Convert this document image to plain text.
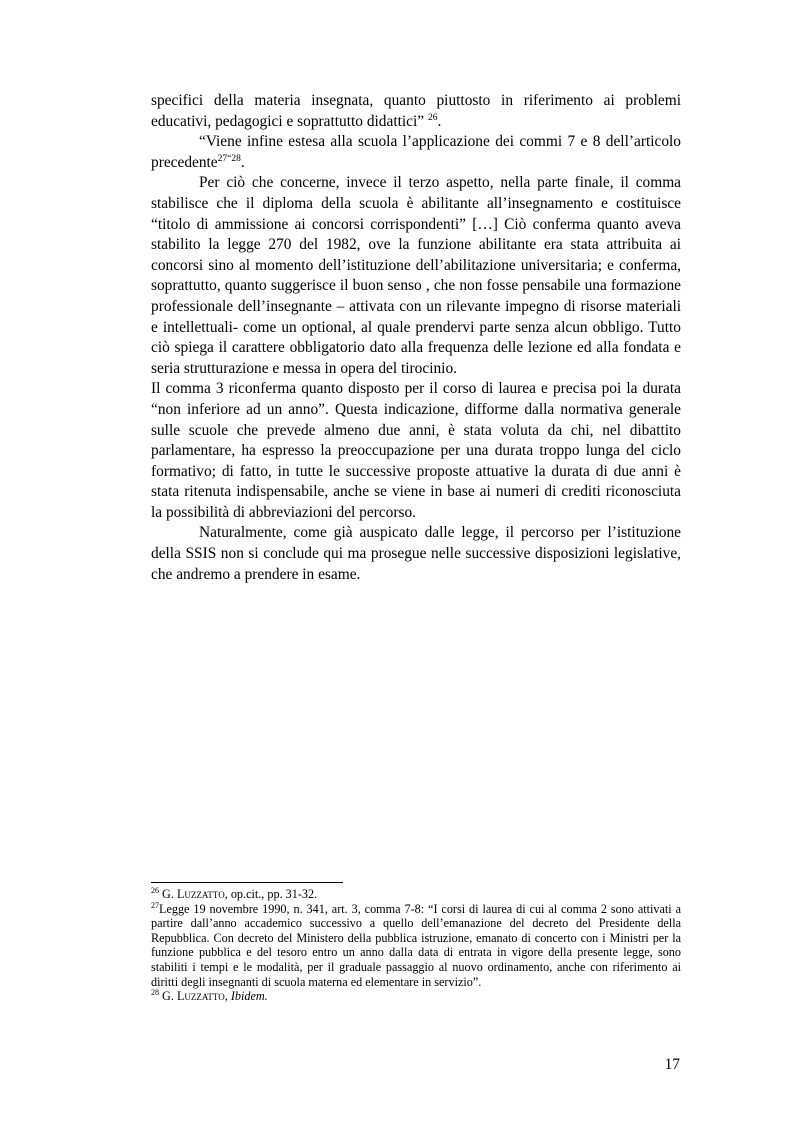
specifici della materia insegnata, quanto piuttosto in riferimento ai problemi educativi, pedagogici e soprattutto didattici” $^{26}$.

“Viene infine estesa alla scuola l’applicazione dei commi 7 e 8 dell’articolo precedente$^{27“28}$.

Per ciò che concerne, invece il terzo aspetto, nella parte finale, il comma stabilisce che il diploma della scuola è abilitante all’insegnamento e costituisce “titolo di ammissione ai concorsi corrispondenti” […] Ciò conferma quanto aveva stabilito la legge 270 del 1982, ove la funzione abilitante era stata attribuita ai concorsi sino al momento dell’istituzione dell’abilitazione universitaria; e conferma, soprattutto, quanto suggerisce il buon senso , che non fosse pensabile una formazione professionale dell’insegnante – attivata con un rilevante impegno di risorse materiali e intellettuali- come un optional, al quale prendervi parte senza alcun obbligo. Tutto ciò spiega il carattere obbligatorio dato alla frequenza delle lezione ed alla fondata e seria strutturazione e messa in opera del tirocinio.

Il comma 3 riconferma quanto disposto per il corso di laurea e precisa poi la durata “non inferiore ad un anno”. Questa indicazione, difforme dalla normativa generale sulle scuole che prevede almeno due anni, è stata voluta da chi, nel dibattito parlamentare, ha espresso la preoccupazione per una durata troppo lunga del ciclo formativo; di fatto, in tutte le successive proposte attuative la durata di due anni è stata ritenuta indispensabile, anche se viene in base ai numeri di crediti riconosciuta la possibilità di abbreviazioni del percorso.

Naturalmente, come già auspicato dalle legge, il percorso per l’istituzione della SSIS non si conclude qui ma prosegue nelle successive disposizioni legislative, che andremo a prendere in esame.

$^{26}$ G. Luzzatto, op.cit., pp. 31-32.

$^{27}$Legge 19 novembre 1990, n. 341, art. 3, comma 7-8: “I corsi di laurea di cui al comma 2 sono attivati a partire dall’anno accademico successivo a quello dell’emanazione del decreto del Presidente della Repubblica. Con decreto del Ministero della pubblica istruzione, emanato di concerto con i Ministri per la funzione pubblica e del tesoro entro un anno dalla data di entrata in vigore della presente legge, sono stabiliti i tempi e le modalità, per il graduale passaggio al nuovo ordinamento, anche con riferimento ai diritti degli insegnanti di scuola materna ed elementare in servizio”.

$^{28}$ G. Luzzatto, Ibidem.

17
